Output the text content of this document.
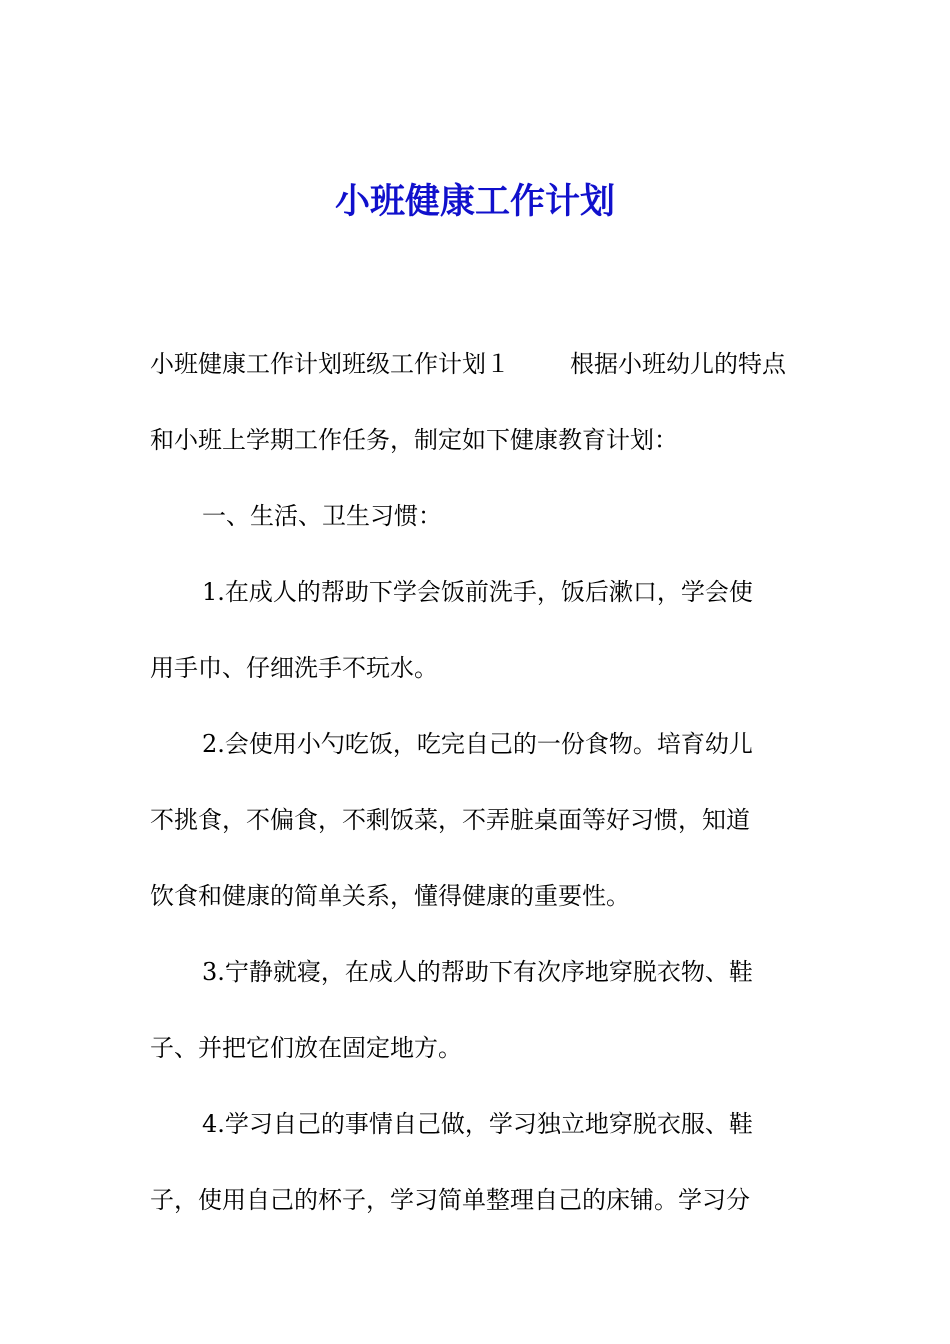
小班健康工作计划
小班健康工作计划班级工作计划１	根据小班幼儿的特点
和小班上学期工作任务，制定如下健康教育计划：
一、生活、卫生习惯：
1.在成人的帮助下学会饭前洗手，饭后漱口，学会使
用手巾、仔细洗手不玩水。
2.会使用小勺吃饭，吃完自己的一份食物。培育幼儿
不挑食，不偏食，不剩饭菜，不弄脏桌面等好习惯，知道
饮食和健康的简单关系，懂得健康的重要性。
3.宁静就寝，在成人的帮助下有次序地穿脱衣物、鞋
子、并把它们放在固定地方。
4.学习自己的事情自己做，学习独立地穿脱衣服、鞋
子，使用自己的杯子，学习简单整理自己的床铺。学习分
